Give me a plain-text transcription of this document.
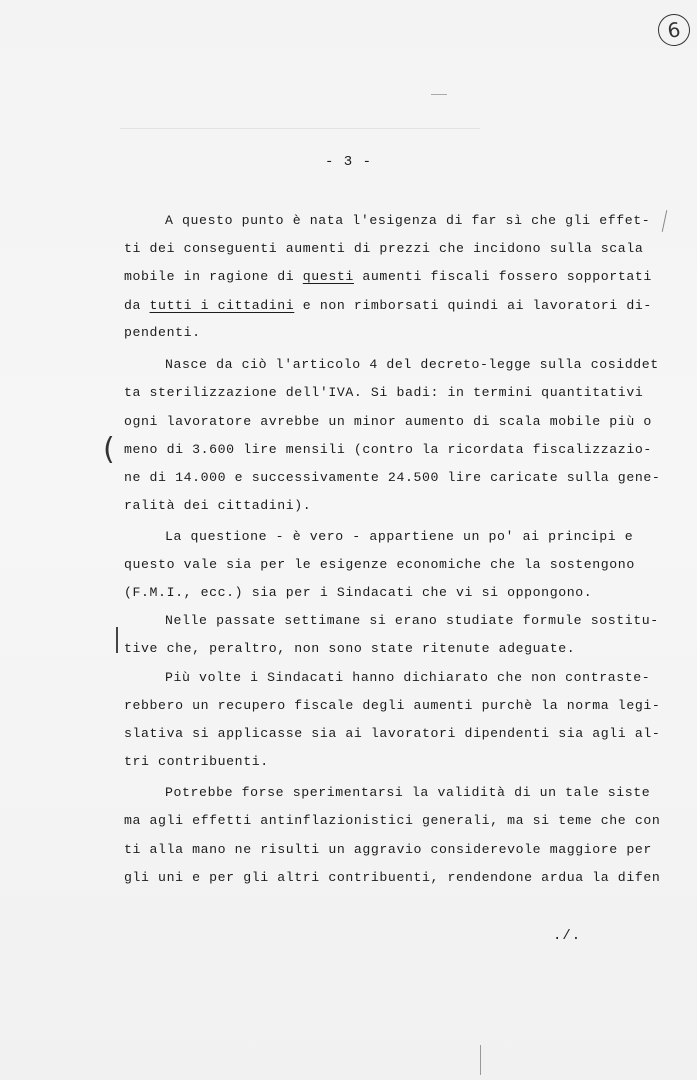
6
- 3 -
A questo punto è nata l'esigenza di far sì che gli effet-
ti dei conseguenti aumenti di prezzi che incidono sulla scala
mobile in ragione di questi aumenti fiscali fossero sopportati
da tutti i cittadini e non rimborsati quindi ai lavoratori di-
pendenti.
Nasce da ciò l'articolo 4 del decreto-legge sulla cosiddet
ta sterilizzazione dell'IVA. Si badi: in termini quantitativi
ogni lavoratore avrebbe un minor aumento di scala mobile più o
meno di 3.600 lire mensili (contro la ricordata fiscalizzazio-
ne di 14.000 e successivamente 24.500 lire caricate sulla gene-
ralità dei cittadini).
La questione - è vero - appartiene un po' ai principi e
questo vale sia per le esigenze economiche che la sostengono
(F.M.I., ecc.) sia per i Sindacati che vi si oppongono.
Nelle passate settimane si erano studiate formule sostitu-
tive che, peraltro, non sono state ritenute adeguate.
Più volte i Sindacati hanno dichiarato che non contraste-
rebbero un recupero fiscale degli aumenti purchè la norma legi-
slativa si applicasse sia ai lavoratori dipendenti sia agli al-
tri contribuenti.
Potrebbe forse sperimentarsi la validità di un tale siste
ma agli effetti antinflazionistici generali, ma si teme che con
ti alla mano ne risulti un aggravio considerevole maggiore per
gli uni e per gli altri contribuenti, rendendone ardua la difen
./.
(
